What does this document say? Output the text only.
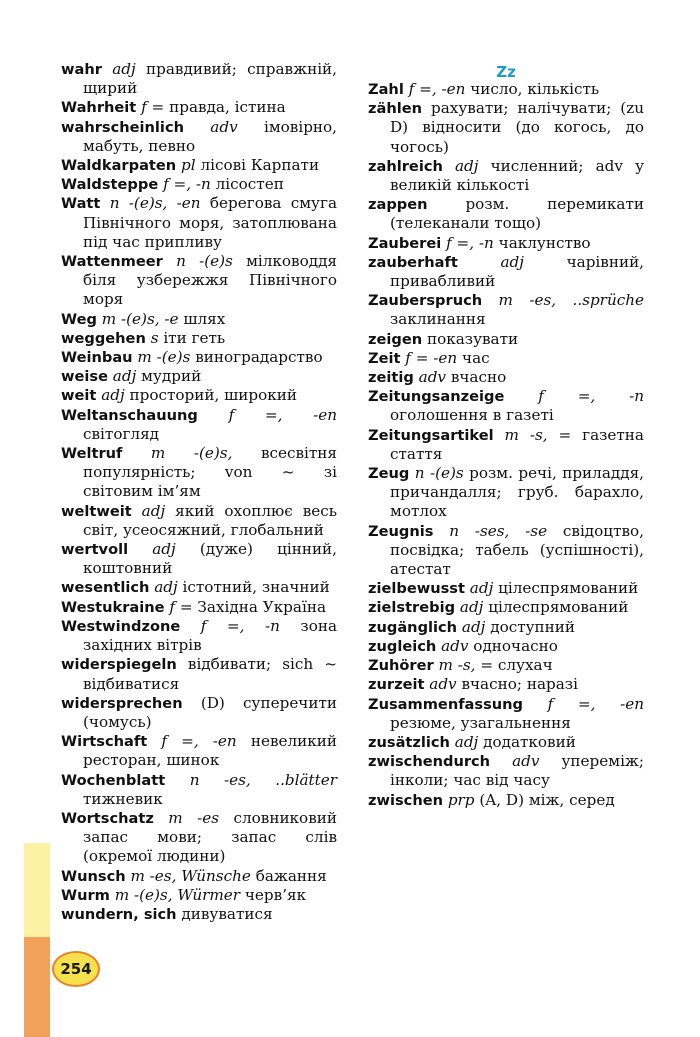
254

wahr adj правдивий; справжній, щирий

Wahrheit f = правда, істина

wahrscheinlich adv імовірно, мабуть, певно

Waldkarpaten pl лісові Карпати

Waldsteppe f =, -n лісостеп

Watt n -(e)s, -en берегова смуга Північного моря, затоплювана під час припливу

Wattenmeer n -(e)s мілководдя біля узбережжя Північного моря

Weg m -(e)s, -e шлях

weggehen s іти геть

Weinbau m -(e)s виноградарство

weise adj мудрий

weit adj просторий, широкий

Weltanschauung f =, -en світогляд

Weltruf m -(e)s, всесвітня популярність; von ~ зі світовим ім’ям

weltweit adj який охоплює весь світ, усеосяжний, глобальний

wertvoll adj (дуже) цінний, коштовний

wesentlich adj істотний, значний

Westukraine f = Західна Україна

Westwindzone f =, -n зона західних вітрів

widerspiegeln відбивати; sich ~ відбиватися

widersprechen (D) суперечити (чомусь)

Wirtschaft f =, -en невеликий ресторан, шинок

Wochenblatt n -es, ..blätter тижневик

Wortschatz m -es словниковий запас мови; запас слів (окремої людини)

Wunsch m -es, Wünsche бажання

Wurm m -(e)s, Würmer черв’як

wundern, sich дивуватися

Zz

Zahl f =, -en число, кількість

zählen рахувати; налічувати; (zu D) відносити (до когось, до чогось)

zahlreich adj численний; adv у великій кількості

zappen розм. перемикати (телеканали тощо)

Zauberei f =, -n чаклунство

zauberhaft	adj	чарівний, привабливий

Zauberspruch m -es, ..sprüche заклинання

zeigen показувати

Zeit f = -en час

zeitig adv вчасно

Zeitungsanzeige f =, -n оголошення в газеті

Zeitungsartikel m -s, = газетна стаття

Zeug n -(e)s розм. речі, приладдя, причандалля; груб. барахло, мотлох

Zeugnis n -ses, -se свідоцтво, посвідка; табель (успішності), атестат

zielbewusst adj цілеспрямований

zielstrebig adj цілеспрямований

zugänglich adj доступний

zugleich adv одночасно

Zuhörer m -s, = слухач

zurzeit adv вчасно; наразі

Zusammenfassung f =, -en резюме, узагальнення

zusätzlich adj додатковий

zwischendurch adv упереміж; інколи; час від часу

zwischen prp (A, D) між, серед
